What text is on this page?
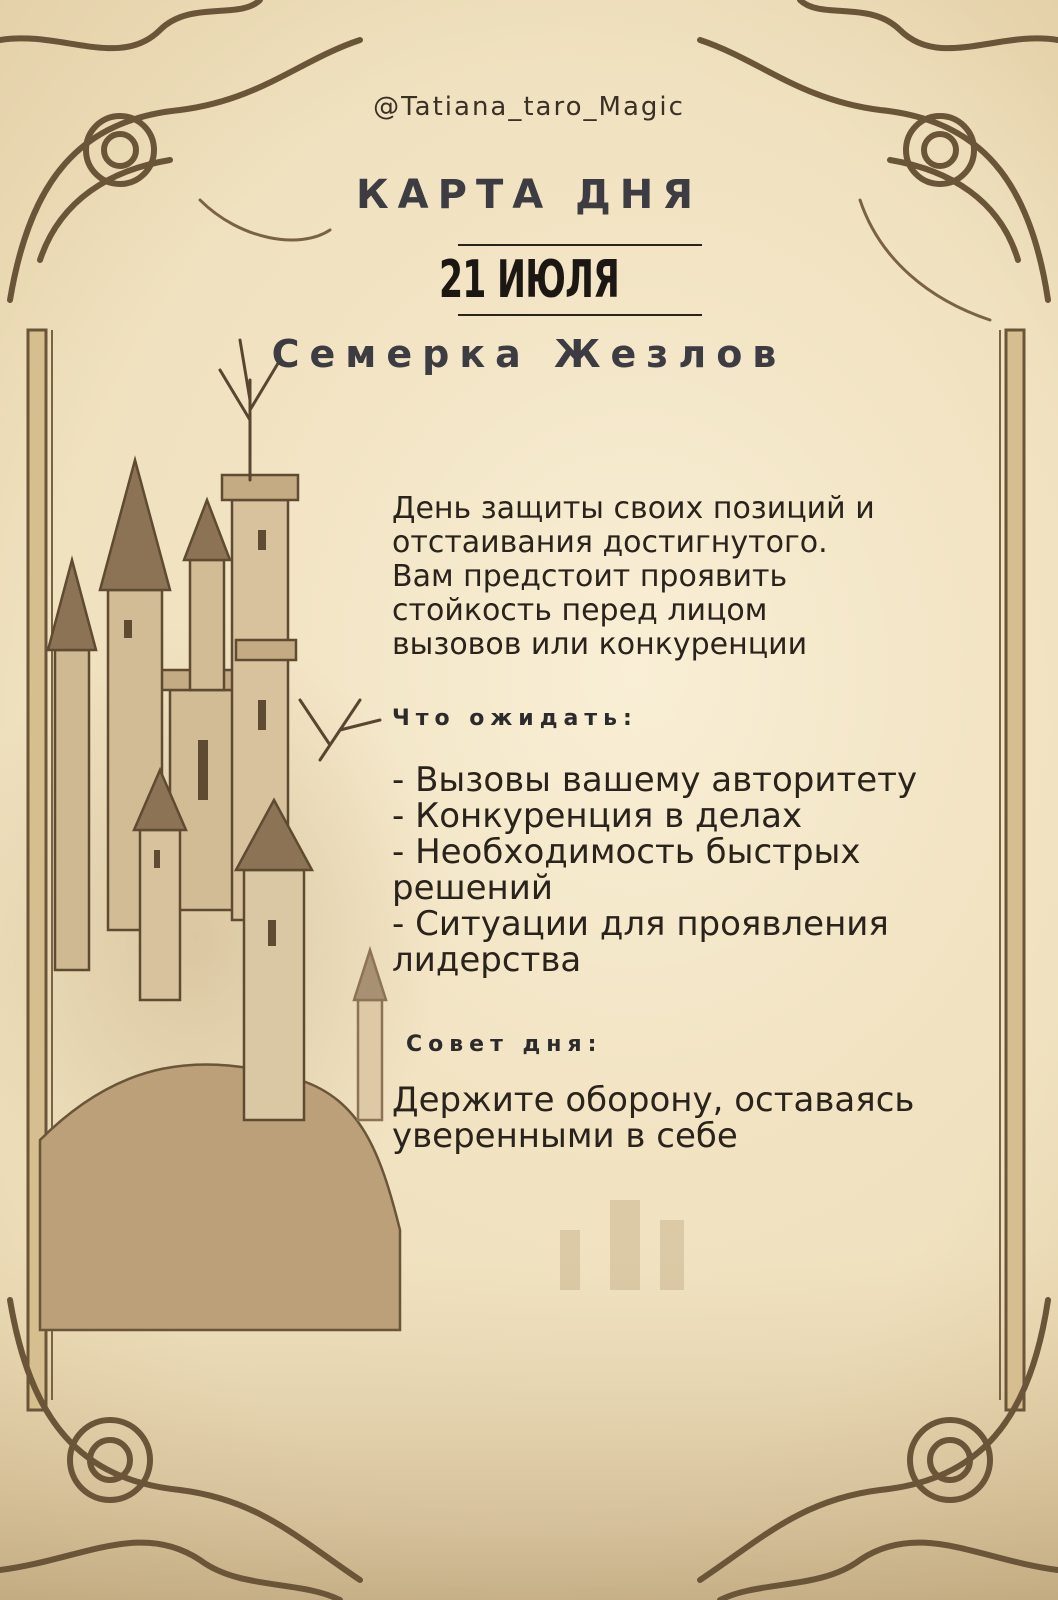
@Tatiana_taro_Magic
КАРТА ДНЯ
21 ИЮЛЯ
Семерка Жезлов

День защиты своих позиций и

отстаивания достигнутого.

Вам предстоит проявить

стойкость перед лицом

вызовов или конкуренции

Что ожидать:

- Вызовы вашему авторитету

- Конкуренция в делах

- Необходимость быстрых

решений

- Ситуации для проявления

лидерства

Совет дня:

Держите оборону, оставаясь

уверенными в себе
